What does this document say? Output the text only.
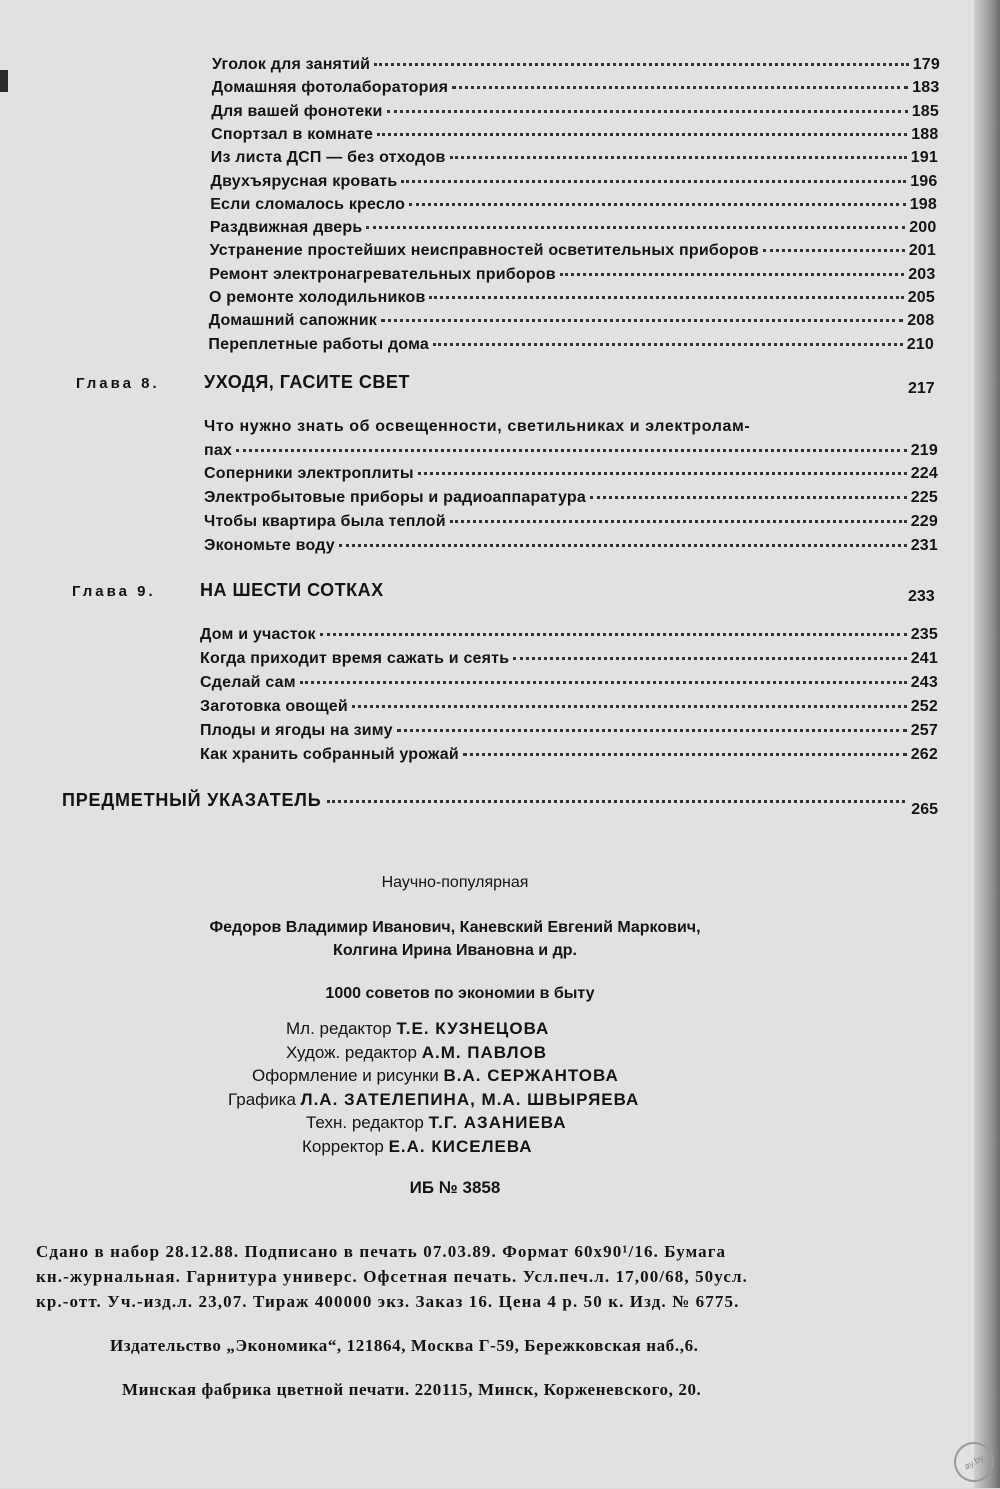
Уголок для занятий	179
Домашняя фотолаборатория	183
Для вашей фонотеки	185
Спортзал в комнате	188
Из листа ДСП — без отходов	191
Двухъярусная кровать	196
Если сломалось кресло	198
Раздвижная дверь	200
Устранение простейших неисправностей осветительных приборов	201
Ремонт электронагревательных приборов	203
О ремонте холодильников	205
Домашний сапожник	208
Переплетные работы дома	210
Глава 8.	УХОДЯ, ГАСИТЕ СВЕТ	217
Что нужно знать об освещенности, светильниках и электролам-
пах	219
Соперники электроплиты	224
Электробытовые приборы и радиоаппаратура	225
Чтобы квартира была теплой	229
Экономьте воду	231
Глава 9.	НА ШЕСТИ СОТКАХ	233
Дом и участок	235
Когда приходит время сажать и сеять	241
Сделай сам	243
Заготовка овощей	252
Плоды и ягоды на зиму	257
Как хранить собранный урожай	262
ПРЕДМЕТНЫЙ УКАЗАТЕЛЬ	265
Научно-популярная
Федоров Владимир Иванович, Каневский Евгений Маркович,
Колгина Ирина Ивановна и др.
1000 советов по экономии в быту
Мл. редактор Т.Е. КУЗНЕЦОВА
Худож. редактор А.М. ПАВЛОВ
Оформление и рисунки В.А. СЕРЖАНТОВА
Графика Л.А. ЗАТЕЛЕПИНА, М.А. ШВЫРЯЕВА
Техн. редактор Т.Г. АЗАНИЕВА
Корректор Е.А. КИСЕЛЕВА
ИБ № 3858
Сдано в набор 28.12.88. Подписано в печать 07.03.89. Формат 60x90¹/16. Бумага
кн.-журнальная. Гарнитура универс. Офсетная печать. Усл.печ.л. 17,00/68, 50усл.
кр.-отт. Уч.-изд.л. 23,07. Тираж 400000 экз. Заказ 16. Цена 4 р. 50 к. Изд. № 6775.
Издательство „Экономика“, 121864, Москва Г-59, Бережковская наб.,6.
Минская фабрика цветной печати. 220115, Минск, Корженевского, 20.
ay.by
